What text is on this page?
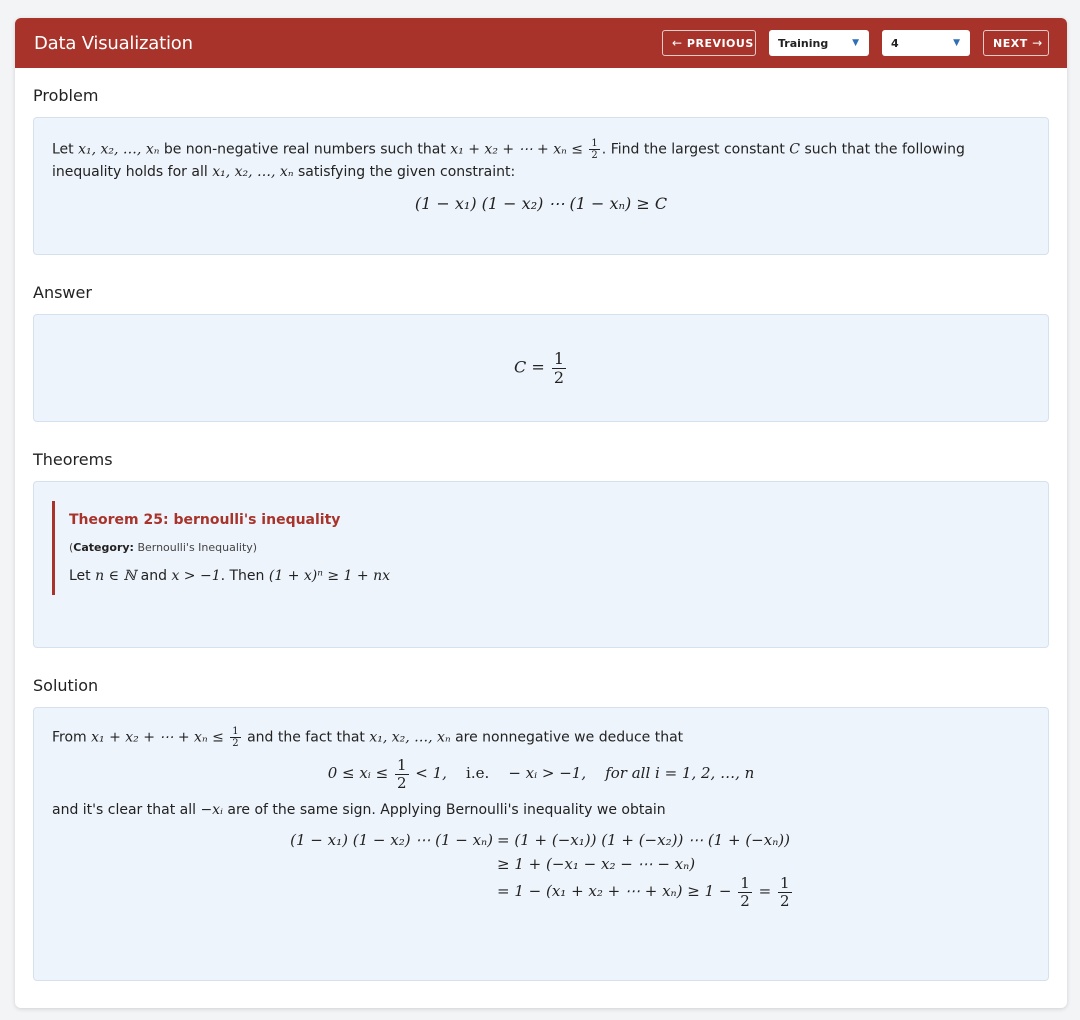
Data Visualization	←
PREVIOUS Training	▼	4	▼	NEXT
→
Problem
Let x₁, x₂, …, xₙ be non-negative real numbers such that x₁ + x₂ + ⋯ + $x_n \le \frac{1}{2}$ . Find the largest constant C such that the following inequality holds for all x₁, x₂, …, xₙ satisfying the given constraint:
(1 − x₁) (1 − x₂) ⋯ (1 − xₙ) ≥ C
Answer
$C = \frac{1}{2}$
Theorems
Theorem 25: bernoulli's inequality
(Category: Bernoulli's Inequality)
Let n ∈ ℕ and x > −1. Then (1 + x)ⁿ ≥ 1 + nx
Solution
From x₁ + x₂ + ⋯ + $x_n \le \frac{1}{2}$ and the fact that x₁, x₂, …, xₙ are nonnegative we deduce that
0 ≤ xᵢ ≤ $\frac{1}{2} < 1$, i.e. − xᵢ > −1, for all i = 1, 2, …, n
and it's clear that all −xᵢ are of the same sign. Applying Bernoulli's inequality we obtain
(1 − x₁) (1 − x₂) ⋯ (1 − xₙ) = (1 + (−x₁)) (1 + (−x₂)) ⋯ (1 + (−xₙ))
≥ 1 + (−x₁ − x₂ − ⋯ − xₙ)
= 1 − (x₁ + x₂ + ⋯ + $x_n) \ge 1 - \frac{1}{2} = \frac{1}{2}$
